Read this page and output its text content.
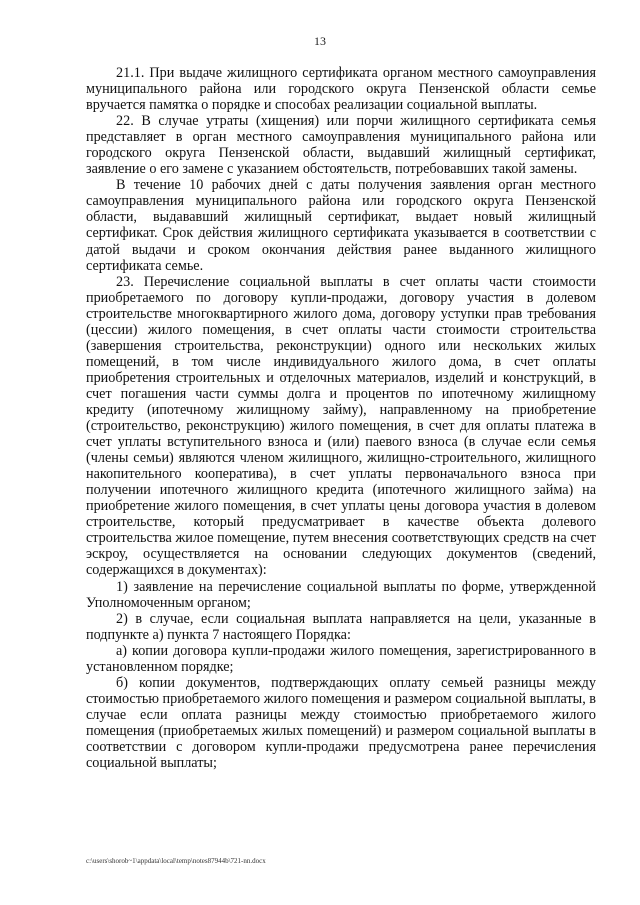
13

21.1. При выдаче жилищного сертификата органом местного самоуправления муниципального района или городского округа Пензенской области семье вручается памятка о порядке и способах реализации социальной выплаты.

22. В случае утраты (хищения) или порчи жилищного сертификата семья представляет в орган местного самоуправления муниципального района или городского округа Пензенской области, выдавший жилищный сертификат, заявление о его замене с указанием обстоятельств, потребовавших такой замены.

В течение 10 рабочих дней с даты получения заявления орган местного самоуправления муниципального района или городского округа Пензенской области, выдававший жилищный сертификат, выдает новый жилищный сертификат. Срок действия жилищного сертификата указывается в соответствии с датой выдачи и сроком окончания действия ранее выданного жилищного сертификата семье.

23. Перечисление социальной выплаты в счет оплаты части стоимости приобретаемого по договору купли-продажи, договору участия в долевом строительстве многоквартирного жилого дома, договору уступки прав требования (цессии) жилого помещения, в счет оплаты части стоимости строительства (завершения строительства, реконструкции) одного или нескольких жилых помещений, в том числе индивидуального жилого дома, в счет оплаты приобретения строительных и отделочных материалов, изделий и конструкций, в счет погашения части суммы долга и процентов по ипотечному жилищному кредиту (ипотечному жилищному займу), направленному на приобретение (строительство, реконструкцию) жилого помещения, в счет для оплаты платежа в счет уплаты вступительного взноса и (или) паевого взноса (в случае если семья (члены семьи) являются членом жилищного, жилищно-строительного, жилищного накопительного кооператива), в счет уплаты первоначального взноса при получении ипотечного жилищного кредита (ипотечного жилищного займа) на приобретение жилого помещения, в счет уплаты цены договора участия в долевом строительстве, который предусматривает в качестве объекта долевого строительства жилое помещение, путем внесения соответствующих средств на счет эскроу, осуществляется на основании следующих документов (сведений, содержащихся в документах):

1) заявление на перечисление социальной выплаты по форме, утвержденной Уполномоченным органом;

2) в случае, если социальная выплата направляется на цели, указанные в подпункте а) пункта 7 настоящего Порядка:

а) копии договора купли-продажи жилого помещения, зарегистрированного в установленном порядке;

б) копии документов, подтверждающих оплату семьей разницы между стоимостью приобретаемого жилого помещения и размером социальной выплаты, в случае если оплата разницы между стоимостью приобретаемого жилого помещения (приобретаемых жилых помещений) и размером социальной выплаты в соответствии с договором купли-продажи предусмотрена ранее перечисления социальной выплаты;

c:\users\shorob~1\appdata\local\temp\notes87944b\721-nn.docx
